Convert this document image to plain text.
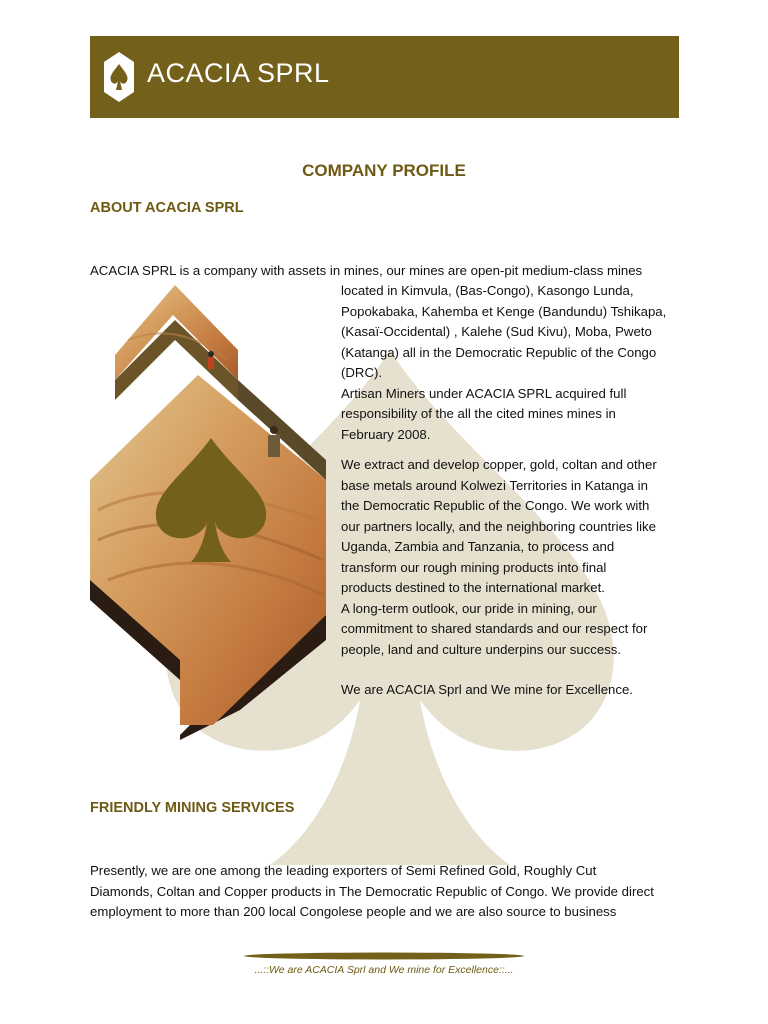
ACACIA SPRL
COMPANY PROFILE
ABOUT ACACIA SPRL
ACACIA SPRL is a company with assets in mines, our mines are open-pit medium-class mines

located in Kimvula, (Bas-Congo), Kasongo Lunda,

Popokabaka, Kahemba et Kenge (Bandundu) Tshikapa,

(Kasaï-Occidental) , Kalehe (Sud Kivu), Moba, Pweto

(Katanga) all in the Democratic Republic of the Congo

(DRC).

Artisan Miners under ACACIA SPRL acquired full

responsibility of the all the cited mines mines in

February 2008.

We extract and develop copper, gold, coltan and other

base metals around Kolwezi Territories in Katanga in

the Democratic Republic of the Congo. We work with

our partners locally, and the neighboring countries like

Uganda, Zambia and Tanzania, to process and

transform our rough mining products into final

products destined to the international market.

A long-term outlook, our pride in mining, our

commitment to shared standards and our respect for

people, land and culture underpins our success.

We are ACACIA Sprl and We mine for Excellence.
FRIENDLY MINING SERVICES

Presently, we are one among the leading exporters of Semi Refined Gold, Roughly Cut

Diamonds, Coltan and Copper products in The Democratic Republic of Congo. We provide direct

employment to more than 200 local Congolese people and we are also source to business

...::We are ACACIA Sprl and We mine for Excellence::...
